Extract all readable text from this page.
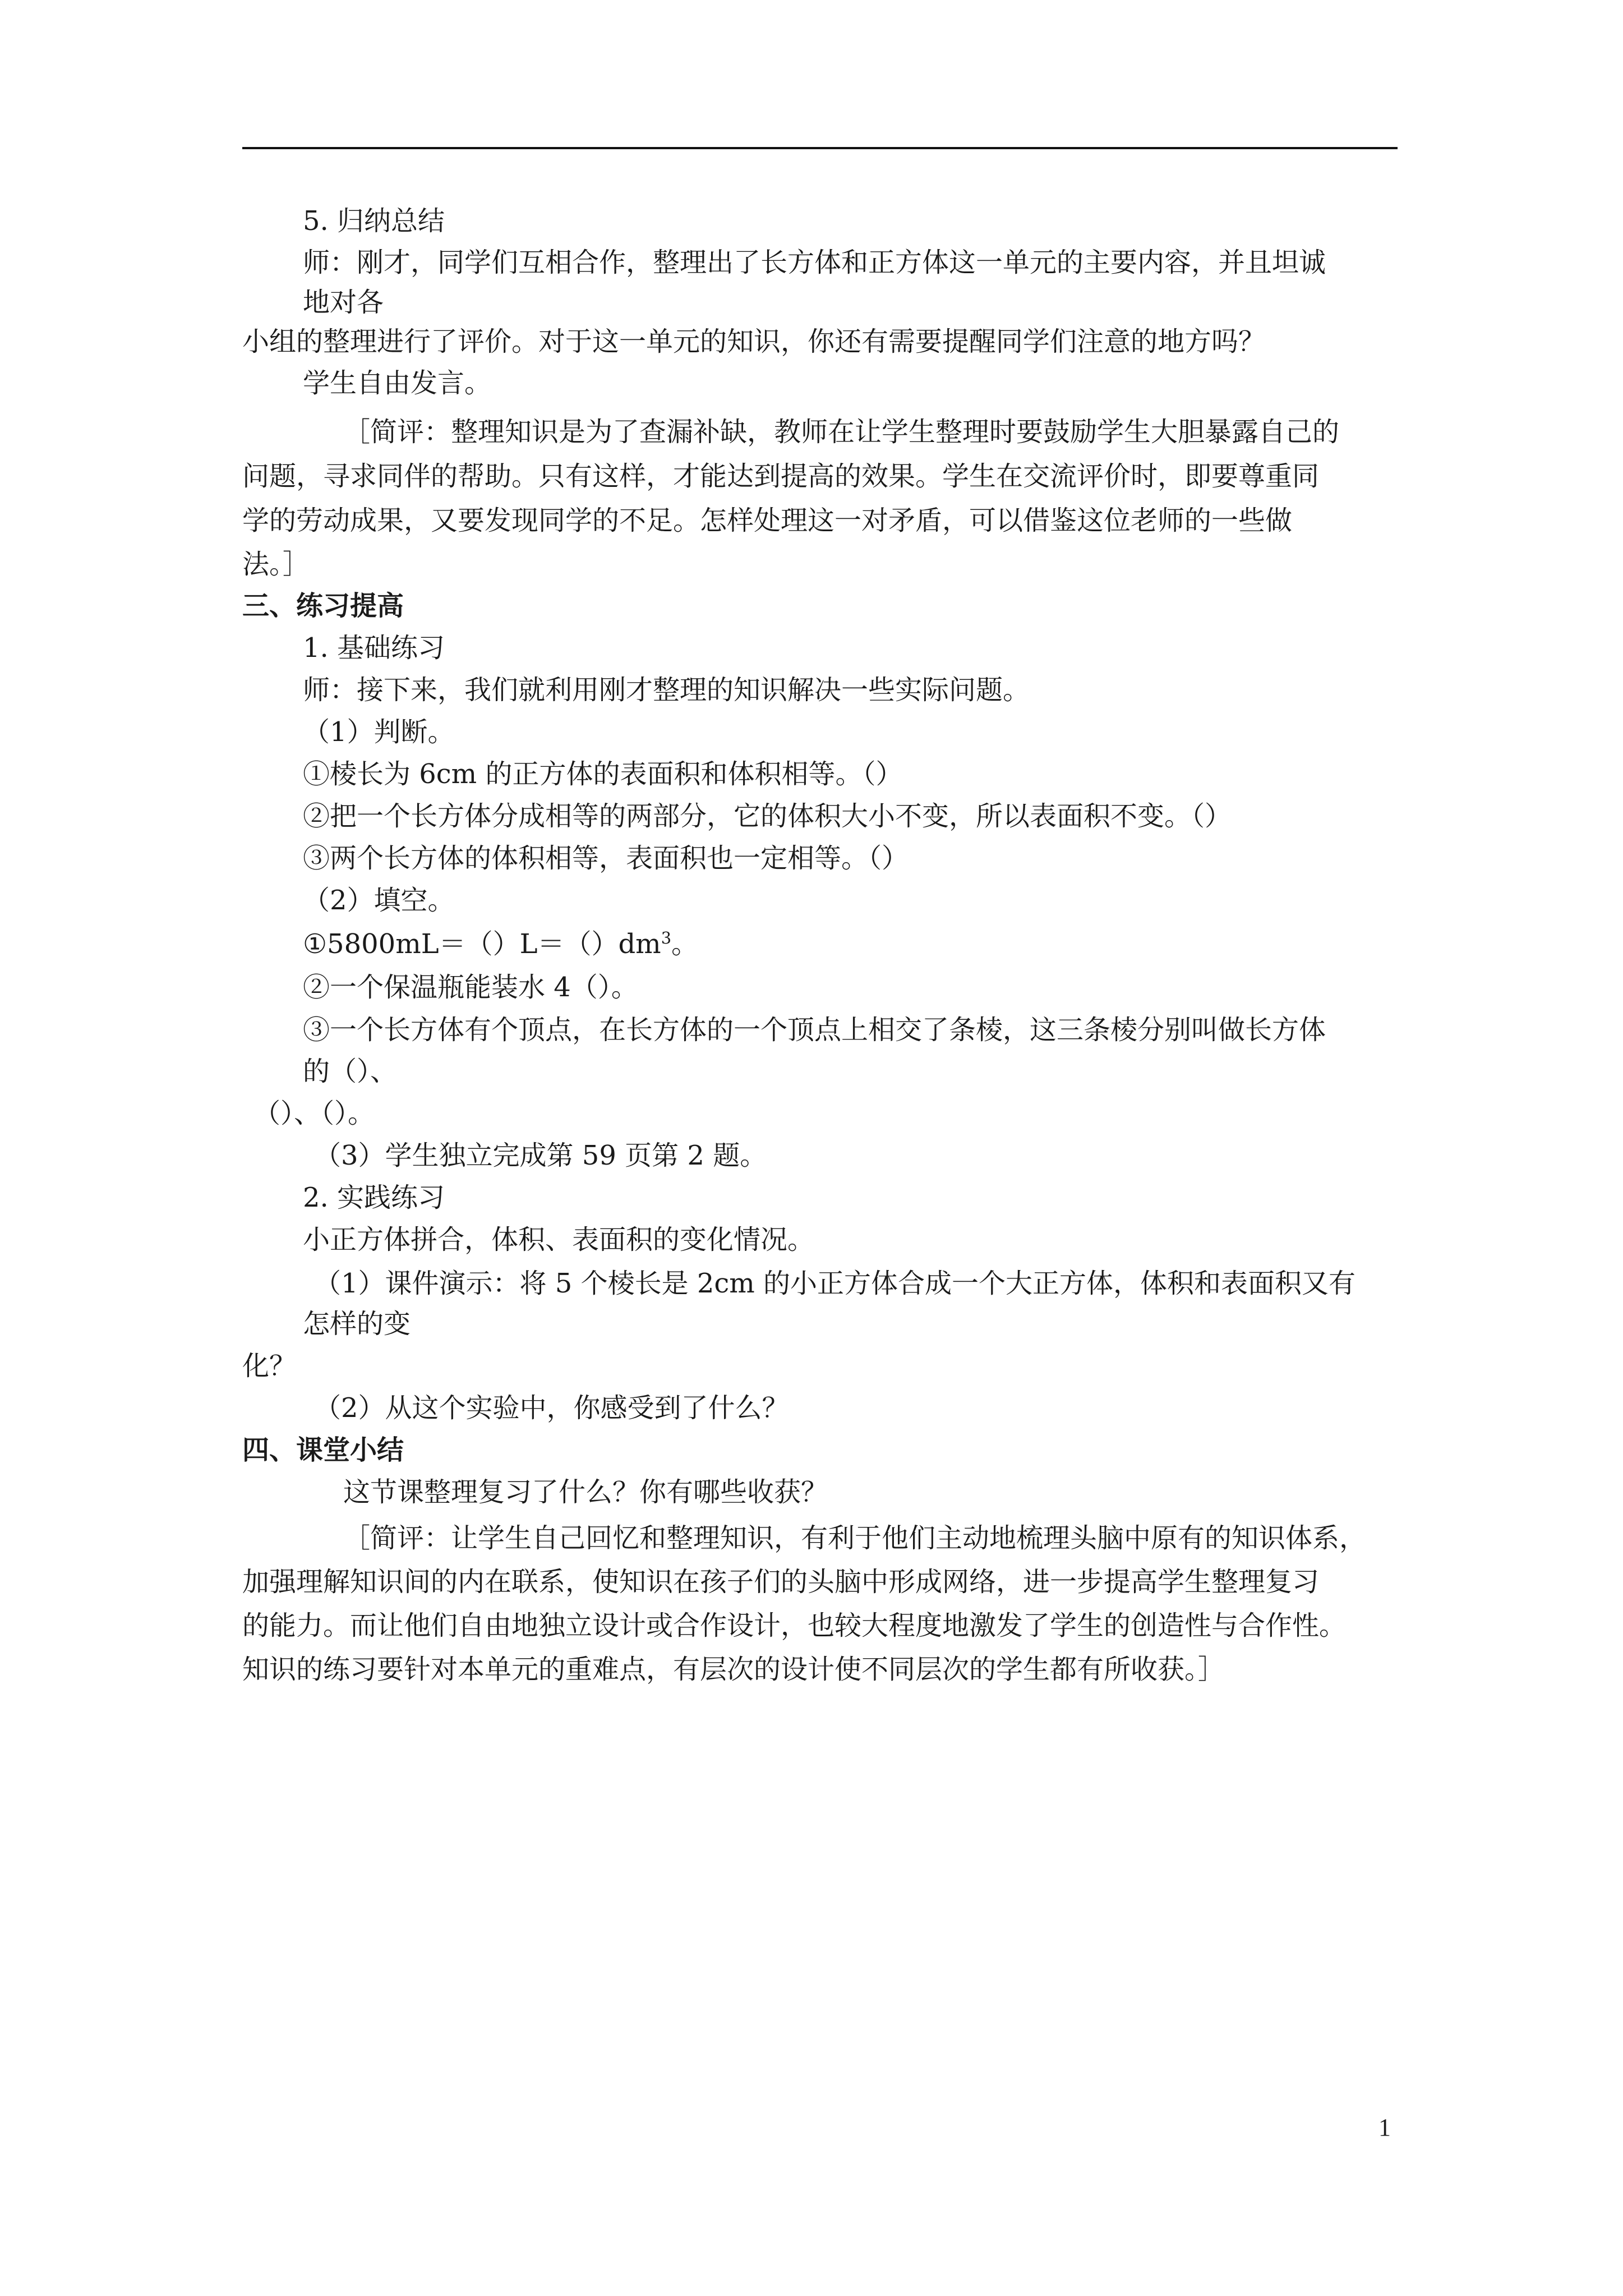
5. 归纳总结

师：刚才，同学们互相合作，整理出了长方体和正方体这一单元的主要内容，并且坦诚

地对各

小组的整理进行了评价。对于这一单元的知识，你还有需要提醒同学们注意的地方吗？

学生自由发言。

［简评：整理知识是为了查漏补缺，教师在让学生整理时要鼓励学生大胆暴露自己的

问题，寻求同伴的帮助。只有这样，才能达到提高的效果。学生在交流评价时，即要尊重同

学的劳动成果，又要发现同学的不足。怎样处理这一对矛盾，可以借鉴这位老师的一些做

法。］

三、练习提高

1. 基础练习

师：接下来，我们就利用刚才整理的知识解决一些实际问题。

（1）判断。

①棱长为 6cm 的正方体的表面积和体积相等。（）

②把一个长方体分成相等的两部分，它的体积大小不变，所以表面积不变。（）

③两个长方体的体积相等，表面积也一定相等。（）

（2）填空。

$①5800mL=()L=()dm^3$。

②一个保温瓶能装水 4（）。

③一个长方体有个顶点，在长方体的一个顶点上相交了条棱，这三条棱分别叫做长方体

的（）、

（）、（）。

（3）学生独立完成第 59 页第 2 题。

2. 实践练习

小正方体拼合，体积、表面积的变化情况。

（1）课件演示：将 5 个棱长是 2cm 的小正方体合成一个大正方体，体积和表面积又有

怎样的变

化？

（2）从这个实验中，你感受到了什么？

四、课堂小结

这节课整理复习了什么？你有哪些收获？

［简评：让学生自己回忆和整理知识，有利于他们主动地梳理头脑中原有的知识体系，

加强理解知识间的内在联系，使知识在孩子们的头脑中形成网络，进一步提高学生整理复习

的能力。而让他们自由地独立设计或合作设计，也较大程度地激发了学生的创造性与合作性。

知识的练习要针对本单元的重难点，有层次的设计使不同层次的学生都有所收获。］

1
